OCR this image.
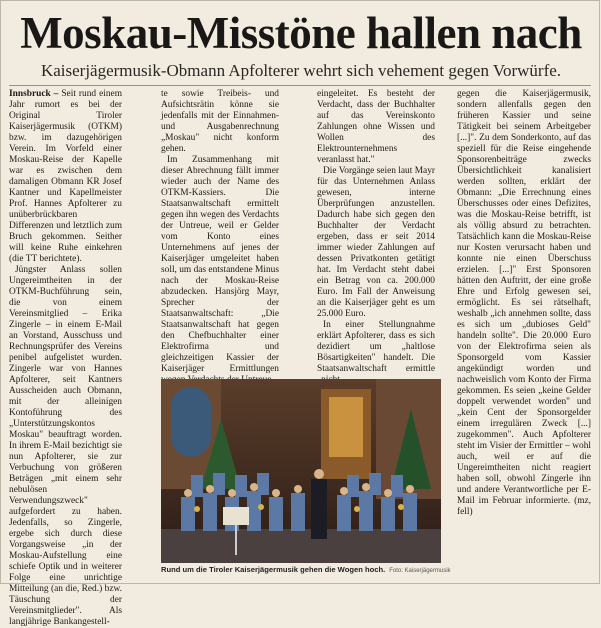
Moskau-Misstöne hallen nach
Kaiserjägermusik-Obmann Apfolterer wehrt sich vehement gegen Vorwürfe.

Innsbruck – Seit rund einem Jahr rumort es bei der Original Tiroler Kaiserjägermusik (OTKM) bzw. im dazugehörigen Verein. Im Vorfeld einer Moskau-Reise der Kapelle war es zwischen dem damaligen Obmann KR Josef Kantner und Kapellmeister Prof. Hannes Apfolterer zu unüberbrückbaren Differenzen und letztlich zum Bruch gekommen. Seither will keine Ruhe einkehren (die TT berichtete).

Jüngster Anlass sollen Ungereimtheiten in der OTKM-Buchführung sein, die von einem Vereinsmitglied – Erika Zingerle – in einem E-Mail an Vorstand, Ausschuss und Rechnungsprüfer des Vereins penibel aufgelistet wurden. Zingerle war von Hannes Apfolterer, seit Kantners Ausscheiden auch Obmann, mit der alleinigen Kontoführung des „Unterstützungskontos Moskau" beauftragt worden. In ihrem E-Mail bezichtigt sie nun Apfolterer, sie zur Verbuchung von größeren Beträgen „mit einem sehr nebulösen Verwendungszweck" aufgefordert zu haben. Jedenfalls, so Zingerle, ergebe sich durch diese Vorgangsweise „in der Moskau-Aufstellung eine schiefe Optik und in weiterer Folge eine unrichtige Mitteilung (an die, Red.) bzw. Täuschung der Vereinsmitglieder". Als langjährige Bankangestell-

te sowie Treibeis- und Aufsichtsrätin könne sie jedenfalls mit der Einnahmen- und Ausgabenrechnung „Moskau" nicht konform gehen.

Im Zusammenhang mit dieser Abrechnung fällt immer wieder auch der Name des OTKM-Kassiers. Die Staatsanwaltschaft ermittelt gegen ihn wegen des Verdachts der Untreue, weil er Gelder vom Konto eines Unternehmens auf jenes der Kaiserjäger umgeleitet haben soll, um das entstandene Minus nach der Moskau-Reise abzudecken. Hansjörg Mayr, Sprecher der Staatsanwaltschaft: „Die Staatsanwaltschaft hat gegen den Chefbuchhalter einer Elektrofirma und gleichzeitigen Kassier der Kaiserjäger Ermittlungen

eingeleitet. Es besteht der Verdacht, dass der Buchhalter auf das Vereinskonto Zahlungen ohne Wissen und Wollen des Elektrounternehmens veranlasst hat."

Die Vorgänge seien laut Mayr für das Unternehmen Anlass gewesen, interne Überprüfungen anzustellen. Dadurch habe sich gegen den Buchhalter der Verdacht ergeben, dass er seit 2014 immer wieder Zahlungen auf dessen Privatkonten getätigt hat. Im Verdacht steht dabei ein Betrag von ca. 200.000 Euro. Im Fall der Anweisung an die Kaiserjäger geht es um 25.000 Euro.

In einer Stellungnahme erklärt Apfolterer, dass es sich dezidiert um „haltlose Bösartigkeiten" handelt. Die Staatsanwaltschaft ermittle

gegen die Kaiserjägermusik, sondern allenfalls gegen den früheren Kassier und seine Tätigkeit bei seinem Arbeitgeber [...]". Zu dem Sonderkonto, auf das speziell für die Reise eingehende Sponsorenbeiträge zwecks Übersichtlichkeit kanalisiert werden sollten, erklärt der Obmann: „Die Errechnung eines Überschusses oder eines Defizites, was die Moskau-Reise betrifft, ist als völlig absurd zu betrachten. Tatsächlich kann die Moskau-Reise nur Kosten verursacht haben und konnte nie einen Überschuss erzielen. [...]" Erst Sponsoren hätten den Auftritt, der eine große Ehre und Erfolg gewesen sei, ermöglicht. Es sei rätselhaft, weshalb „ich annehmen sollte, dass es sich um „dubioses Geld" handeln sollte". Die 20.000 Euro von der Elektrofirma seien als Sponsorgeld vom Kassier angekündigt worden und nachweislich vom Konto der Firma gekommen. Es seien „keine Gelder doppelt verwendet worden" und „kein Cent der Sponsorgelder einem irregulären Zweck [...] zugekommen". Auch Apfolterer steht im Visier der Ermittler – wohl auch, weil er auf die Ungereimtheiten nicht reagiert haben soll, obwohl Zingerle ihn und andere Verantwortliche per E-Mail im Februar informierte. (mz, fell)

Rund um die Tiroler Kaiserjägermusik gehen die Wogen hoch. Foto: Kaiserjägermusik
